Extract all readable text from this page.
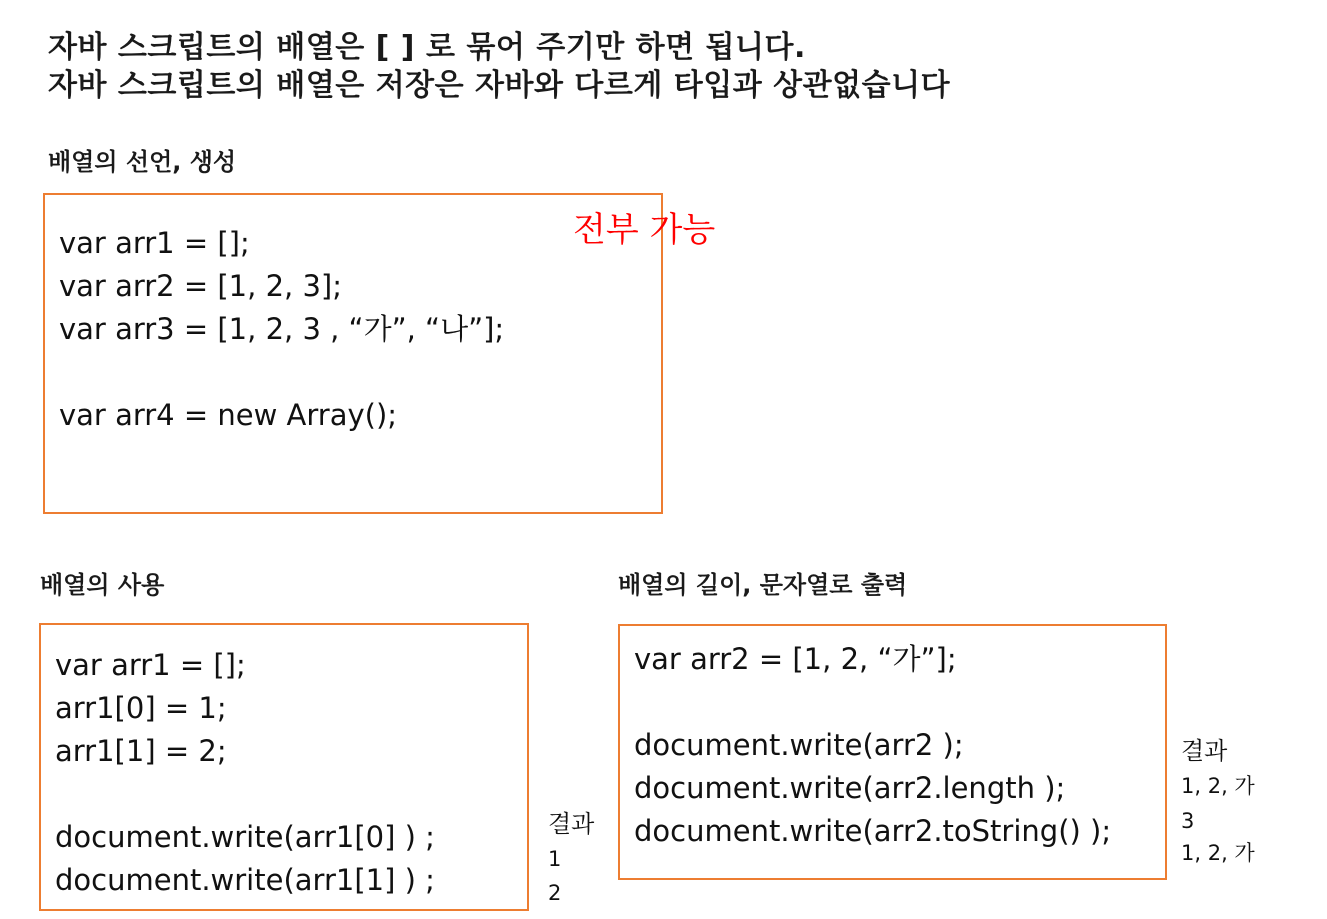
자바 스크립트의 배열은 [ ] 로 묶어 주기만 하면 됩니다.
자바 스크립트의 배열은 저장은 자바와 다르게 타입과 상관없습니다
배열의 선언, 생성

var arr1 = [];

var arr2 = [1, 2, 3];

var arr3 = [1, 2, 3 , “가”, “나”];

var arr4 = new Array();

전부 가능

배열의 사용

var arr1 = [];

arr1[0] = 1;

arr1[1] = 2;

document.write(arr1[0] ) ;

document.write(arr1[1] ) ;

결과

1

2

배열의 길이, 문자열로 출력

var arr2 = [1, 2, “가”];

document.write(arr2 );

document.write(arr2.length );

document.write(arr2.toString() );

결과

1, 2, 가

3

1, 2, 가
